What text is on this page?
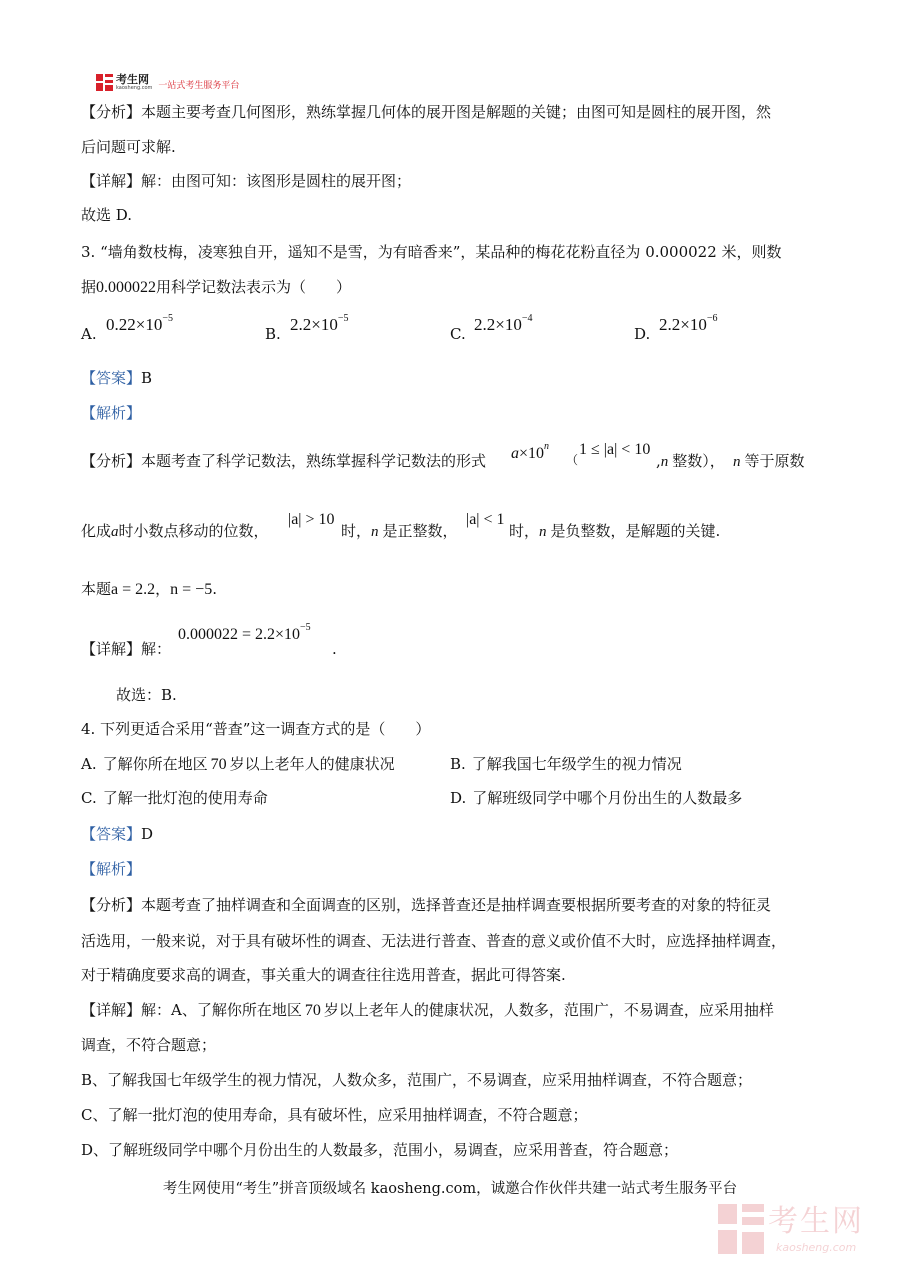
考生网
kaosheng.com 一站式考生服务平台
【分析】本题主要考查几何图形，熟练掌握几何体的展开图是解题的关键；由图可知是圆柱的展开图，然
后问题可求解.
【详解】解：由图可知：该图形是圆柱的展开图；
故选 D.
3. “墙角数枝梅，凌寒独自开，遥知不是雪，为有暗香来”，某品种的梅花花粉直径为 0.000022 米，则数
据0.000022用科学记数法表示为（　　）
A. $0.22\times 10^{-5}$
B. $2.2\times 10^{-5}$
C. $2.2\times 10^{-4}$
D. $2.2\times 10^{-6}$
【答案】B
【解析】
【分析】本题考查了科学记数法，熟练掌握科学记数法的形式 $a\times 10^n$
（
1 ≤ |a| < 10
,n 整数）， n 等于原数
化成a时小数点移动的位数，
|a| > 10
时，n 是正整数，
|a| < 1
时，n 是负整数，是解题的关键.
本题a = 2.2，n = −5.
【详解】解：
$0.000022 = 2.2\times 10^{-5}$
.
故选：B.
4. 下列更适合采用“普查”这一调查方式的是（　　）
A. 了解你所在地区 70 岁以上老年人的健康状况	B. 了解我国七年级学生的视力情况
C. 了解一批灯泡的使用寿命	D. 了解班级同学中哪个月份出生的人数最多
【答案】D
【解析】
【分析】本题考查了抽样调查和全面调查的区别，选择普查还是抽样调查要根据所要考查的对象的特征灵
活选用，一般来说，对于具有破坏性的调查、无法进行普查、普查的意义或价值不大时，应选择抽样调查，
对于精确度要求高的调查，事关重大的调查往往选用普查，据此可得答案.
【详解】解：A、了解你所在地区 70 岁以上老年人的健康状况，人数多，范围广，不易调查，应采用抽样
调查，不符合题意；
B、了解我国七年级学生的视力情况，人数众多，范围广，不易调查，应采用抽样调查，不符合题意；
C、了解一批灯泡的使用寿命，具有破坏性，应采用抽样调查，不符合题意；
D、了解班级同学中哪个月份出生的人数最多，范围小，易调查，应采用普查，符合题意；
考生网使用“考生”拼音顶级域名 kaosheng.com，诚邀合作伙伴共建一站式考生服务平台
考生网
kaosheng.com
